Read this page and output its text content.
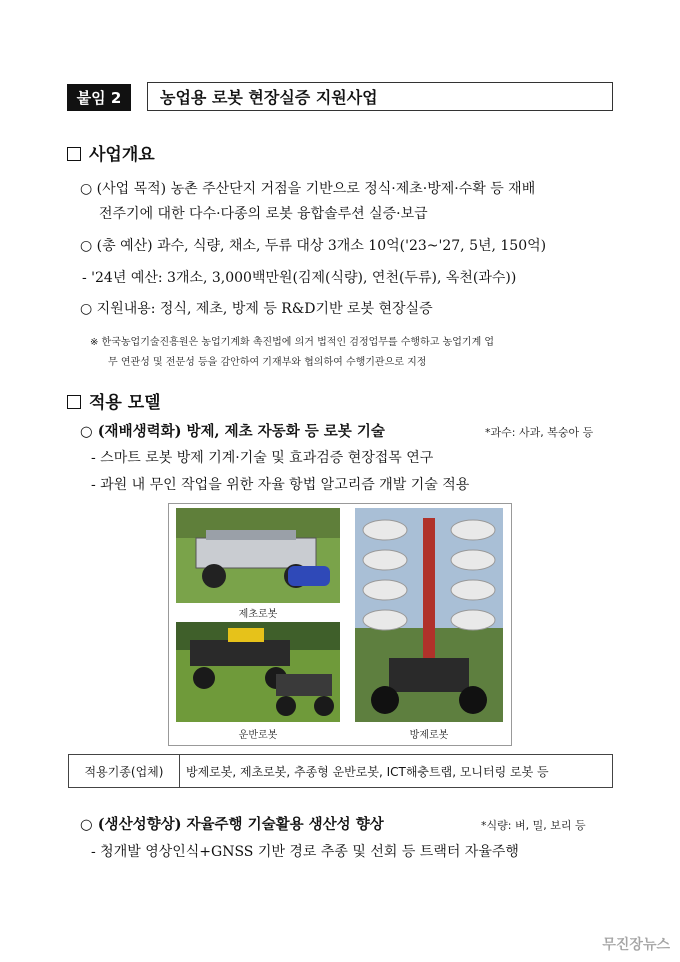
붙임 2	농업용 로봇 현장실증 지원사업
사업개요
○ (사업 목적) 농촌 주산단지 거점을 기반으로 정식·제초·방제·수확 등 재배
전주기에 대한 다수·다종의 로봇 융합솔루션 실증·보급
○ (총 예산) 과수, 식량, 채소, 두류 대상 3개소 10억('23~'27, 5년, 150억)
- '24년 예산: 3개소, 3,000백만원(김제(식량), 연천(두류), 옥천(과수))
○ 지원내용: 정식, 제초, 방제 등 R&D기반 로봇 현장실증
※ 한국농업기술진흥원은 농업기계화 촉진법에 의거 법적인 검정업무를 수행하고 농업기계 업
무 연관성 및 전문성 등을 감안하여 기재부와 협의하여 수행기관으로 지정
적용 모델
○ (재배생력화) 방제, 제초 자동화 등 로봇 기술	*과수: 사과, 복숭아 등
- 스마트 로봇 방제 기계·기술 및 효과검증 현장접목 연구
- 과원 내 무인 작업을 위한 자율 항법 알고리즘 개발 기술 적용
제초로봇
운반로봇	방제로봇
적용기종(업체)	방제로봇, 제초로봇, 추종형 운반로봇, ICT해충트랩, 모니터링 로봇 등
○ (생산성향상) 자율주행 기술활용 생산성 향상	*식량: 벼, 밀, 보리 등
- 청개발 영상인식+GNSS 기반 경로 추종 및 선회 등 트랙터 자율주행
무진장뉴스
